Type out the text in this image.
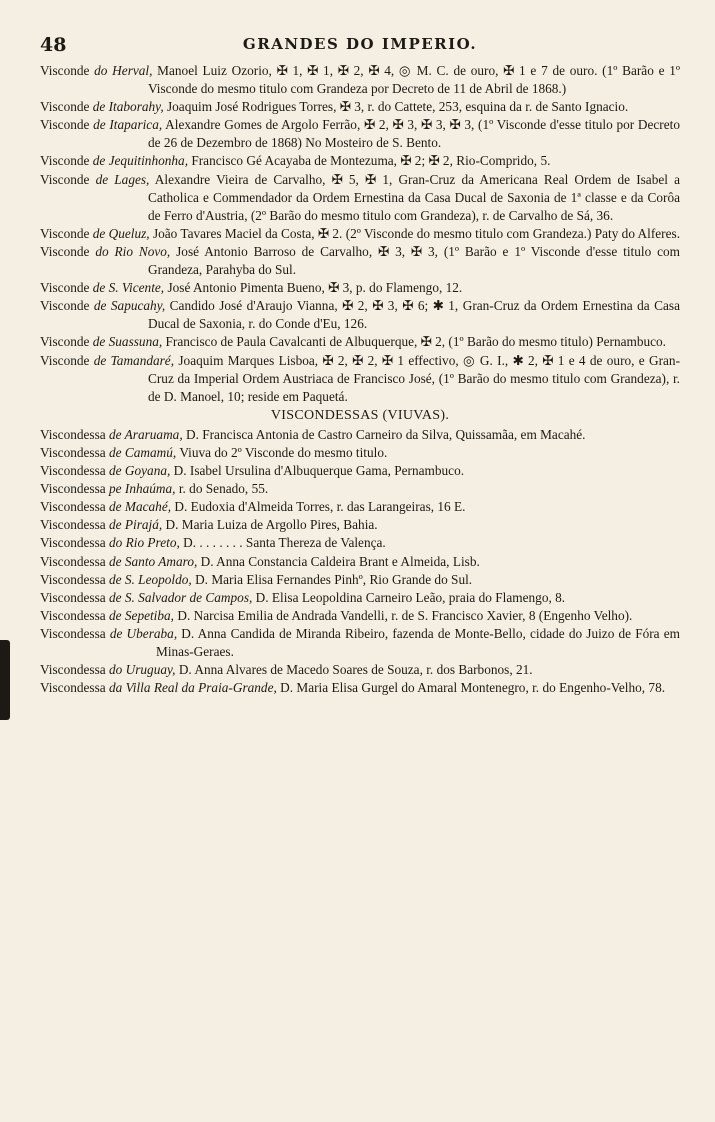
48	GRANDES DO IMPERIO.
Visconde do Herval, Manoel Luiz Ozorio, ✠ 1, ✠ 1, ✠ 2, ✠ 4, ◎ M. C. de ouro, ✠ 1 e 7 de ouro. (1º Barão e 1º Visconde do mesmo titulo com Grandeza por Decreto de 11 de Abril de 1868.)
Visconde de Itaborahy, Joaquim José Rodrigues Torres, ✠ 3, r. do Cattete, 253, esquina da r. de Santo Ignacio.
Visconde de Itaparica, Alexandre Gomes de Argolo Ferrão, ✠ 2, ✠ 3, ✠ 3, ✠ 3, (1º Visconde d'esse titulo por Decreto de 26 de Dezembro de 1868) No Mosteiro de S. Bento.
Visconde de Jequitinhonha, Francisco Gé Acayaba de Montezuma, ✠ 2; ✠ 2, Rio-Comprido, 5.
Visconde de Lages, Alexandre Vieira de Carvalho, ✠ 5, ✠ 1, Gran-Cruz da Americana Real Ordem de Isabel a Catholica e Commendador da Ordem Ernestina da Casa Ducal de Saxonia de 1ª classe e da Corôa de Ferro d'Austria, (2º Barão do mesmo titulo com Grandeza), r. de Carvalho de Sá, 36.
Visconde de Queluz, João Tavares Maciel da Costa, ✠ 2. (2º Visconde do mesmo titulo com Grandeza.) Paty do Alferes.
Visconde do Rio Novo, José Antonio Barroso de Carvalho, ✠ 3, ✠ 3, (1º Barão e 1º Visconde d'esse titulo com Grandeza, Parahyba do Sul.
Visconde de S. Vicente, José Antonio Pimenta Bueno, ✠ 3, p. do Flamengo, 12.
Visconde de Sapucahy, Candido José d'Araujo Vianna, ✠ 2, ✠ 3, ✠ 6; ✱ 1, Gran-Cruz da Ordem Ernestina da Casa Ducal de Saxonia, r. do Conde d'Eu, 126.
Visconde de Suassuna, Francisco de Paula Cavalcanti de Albuquerque, ✠ 2, (1º Barão do mesmo titulo) Pernambuco.
Visconde de Tamandaré, Joaquim Marques Lisboa, ✠ 2, ✠ 2, ✠ 1 effectivo, ◎ G. I., ✱ 2, ✠ 1 e 4 de ouro, e Gran-Cruz da Imperial Ordem Austriaca de Francisco José, (1º Barão do mesmo titulo com Grandeza), r. de D. Manoel, 10; reside em Paquetá.
VISCONDESSAS (VIUVAS).
Viscondessa de Araruama, D. Francisca Antonia de Castro Carneiro da Silva, Quissamãa, em Macahé.
Viscondessa de Camamú, Viuva do 2º Visconde do mesmo titulo.
Viscondessa de Goyana, D. Isabel Ursulina d'Albuquerque Gama, Pernambuco.
Viscondessa pe Inhaúma, r. do Senado, 55.
Viscondessa de Macahé, D. Eudoxia d'Almeida Torres, r. das Larangeiras, 16 E.
Viscondessa de Pirajá, D. Maria Luiza de Argollo Pires, Bahia.
Viscondessa do Rio Preto, D. . . . . . . . Santa Thereza de Valença.
Viscondessa de Santo Amaro, D. Anna Constancia Caldeira Brant e Almeida, Lisb.
Viscondessa de S. Leopoldo, D. Maria Elisa Fernandes Pinhº, Rio Grande do Sul.
Viscondessa de S. Salvador de Campos, D. Elisa Leopoldina Carneiro Leão, praia do Flamengo, 8.
Viscondessa de Sepetiba, D. Narcisa Emilia de Andrada Vandelli, r. de S. Francisco Xavier, 8 (Engenho Velho).
Viscondessa de Uberaba, D. Anna Candida de Miranda Ribeiro, fazenda de Monte-Bello, cidade do Juizo de Fóra em Minas-Geraes.
Viscondessa do Uruguay, D. Anna Alvares de Macedo Soares de Souza, r. dos Barbonos, 21.
Viscondessa da Villa Real da Praia-Grande, D. Maria Elisa Gurgel do Amaral Montenegro, r. do Engenho-Velho, 78.
